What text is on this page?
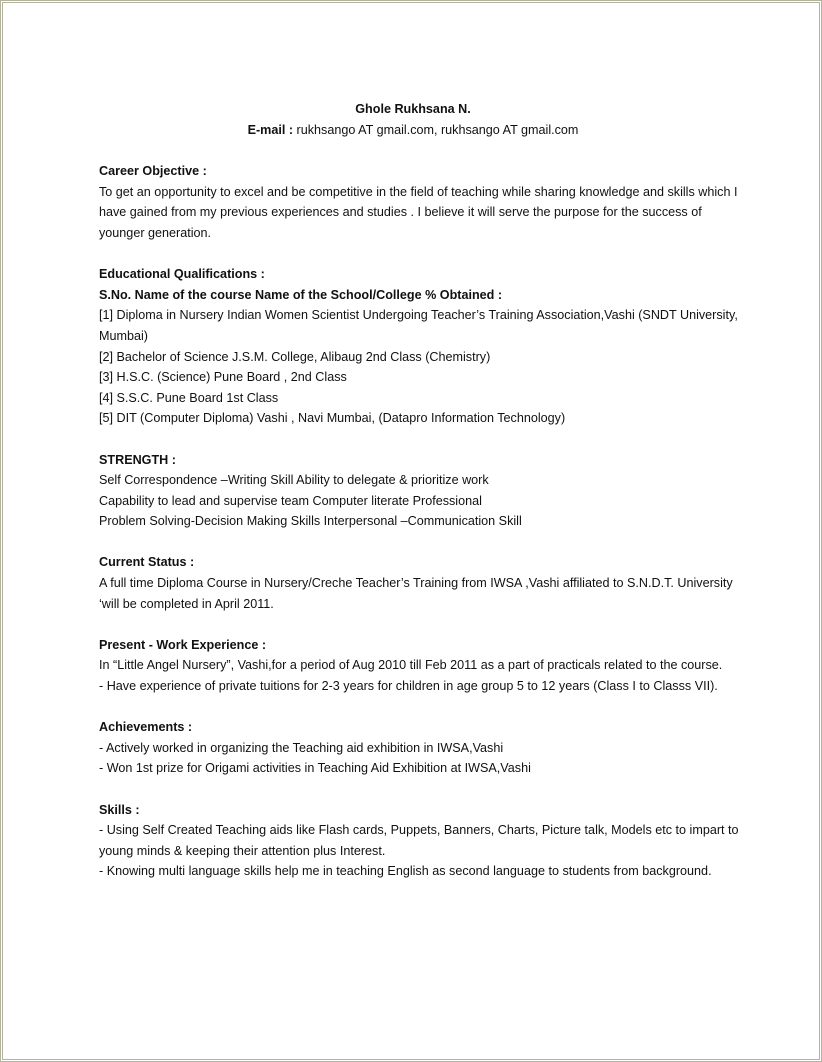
Ghole Rukhsana N.
E-mail : rukhsango AT gmail.com, rukhsango AT gmail.com
Career Objective :
To get an opportunity to excel and be competitive in the field of teaching while sharing knowledge and skills which I have gained from my previous experiences and studies . I believe it will serve the purpose for the success of younger generation.
Educational Qualifications :
S.No. Name of the course Name of the School/College % Obtained :
[1] Diploma in Nursery Indian Women Scientist Undergoing Teacher’s Training Association,Vashi (SNDT University, Mumbai)
[2] Bachelor of Science J.S.M. College, Alibaug 2nd Class (Chemistry)
[3] H.S.C. (Science) Pune Board , 2nd Class
[4] S.S.C. Pune Board 1st Class
[5] DIT (Computer Diploma) Vashi , Navi Mumbai, (Datapro Information Technology)
STRENGTH :
Self Correspondence –Writing Skill Ability to delegate & prioritize work
Capability to lead and supervise team Computer literate Professional
Problem Solving-Decision Making Skills Interpersonal –Communication Skill
Current Status :
A full time Diploma Course in Nursery/Creche Teacher’s Training from IWSA ,Vashi affiliated to S.N.D.T. University ‘will be completed in April 2011.
Present - Work Experience :
In “Little Angel Nursery”, Vashi,for a period of Aug 2010 till Feb 2011 as a part of practicals related to the course.
- Have experience of private tuitions for 2-3 years for children in age group 5 to 12 years (Class I to Classs VII).
Achievements :
- Actively worked in organizing the Teaching aid exhibition in IWSA,Vashi
- Won 1st prize for Origami activities in Teaching Aid Exhibition at IWSA,Vashi
Skills :
- Using Self Created Teaching aids like Flash cards, Puppets, Banners, Charts, Picture talk, Models etc to impart to young minds & keeping their attention plus Interest.
- Knowing multi language skills help me in teaching English as second language to students from background.
